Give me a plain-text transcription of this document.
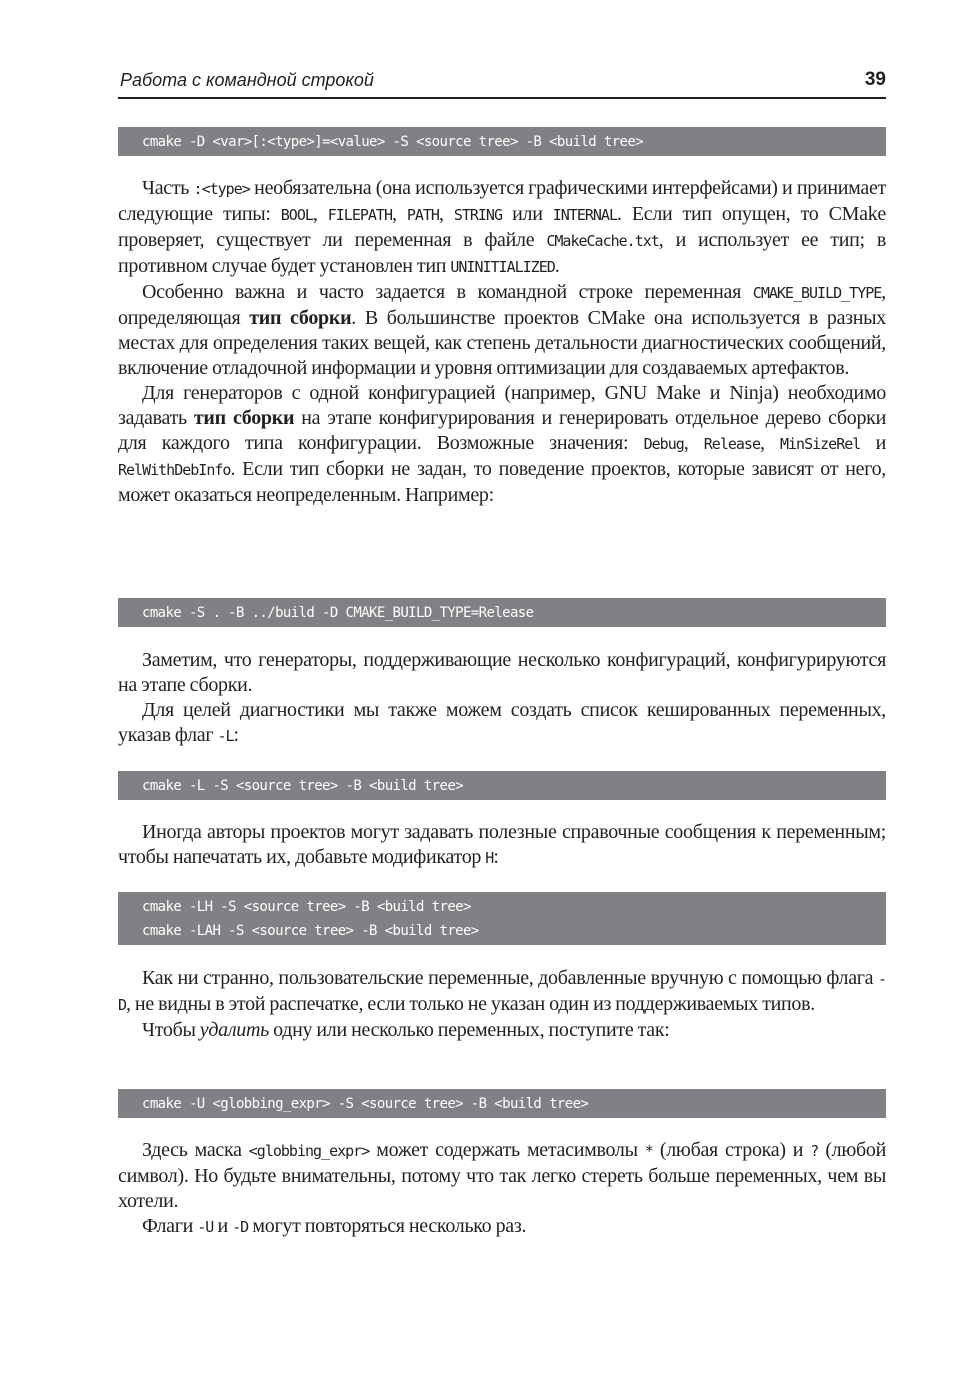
Работа с командной строкой	39
cmake -D <var>[:<type>]=<value> -S <source tree> -B <build tree>

Часть :<type> необязательна (она используется графическими интерфейсами) и принимает следующие типы: BOOL, FILEPATH, PATH, STRING или INTERNAL. Если тип опущен, то CMake проверяет, существует ли переменная в файле CMakeCache.txt, и использует ее тип; в противном случае будет установлен тип UNINITIALIZED.

Особенно важна и часто задается в командной строке переменная CMAKE_BUILD_TYPE, определяющая тип сборки. В большинстве проектов CMake она используется в разных местах для определения таких вещей, как степень детальности диагностических сообщений, включение отладочной информации и уровня оптимизации для создаваемых артефактов.

Для генераторов с одной конфигурацией (например, GNU Make и Ninja) необходимо задавать тип сборки на этапе конфигурирования и генерировать отдельное дерево сборки для каждого типа конфигурации. Возможные значения: Debug, Release, MinSizeRel и RelWithDebInfo. Если тип сборки не задан, то поведение проектов, которые зависят от него, может оказаться неопределенным. Например:

cmake -S . -B ../build -D CMAKE_BUILD_TYPE=Release

Заметим, что генераторы, поддерживающие несколько конфигураций, конфигурируются на этапе сборки.

Для целей диагностики мы также можем создать список кешированных переменных, указав флаг -L:

cmake -L -S <source tree> -B <build tree>

Иногда авторы проектов могут задавать полезные справочные сообщения к переменным; чтобы напечатать их, добавьте модификатор H:

cmake -LH -S <source tree> -B <build tree>
cmake -LAH -S <source tree> -B <build tree>

Как ни странно, пользовательские переменные, добавленные вручную с помощью флага -D, не видны в этой распечатке, если только не указан один из поддерживаемых типов.

Чтобы удалить одну или несколько переменных, поступите так:

cmake -U <globbing_expr> -S <source tree> -B <build tree>

Здесь маска <globbing_expr> может содержать метасимволы * (любая строка) и ? (любой символ). Но будьте внимательны, потому что так легко стереть больше переменных, чем вы хотели.

Флаги -U и -D могут повторяться несколько раз.
